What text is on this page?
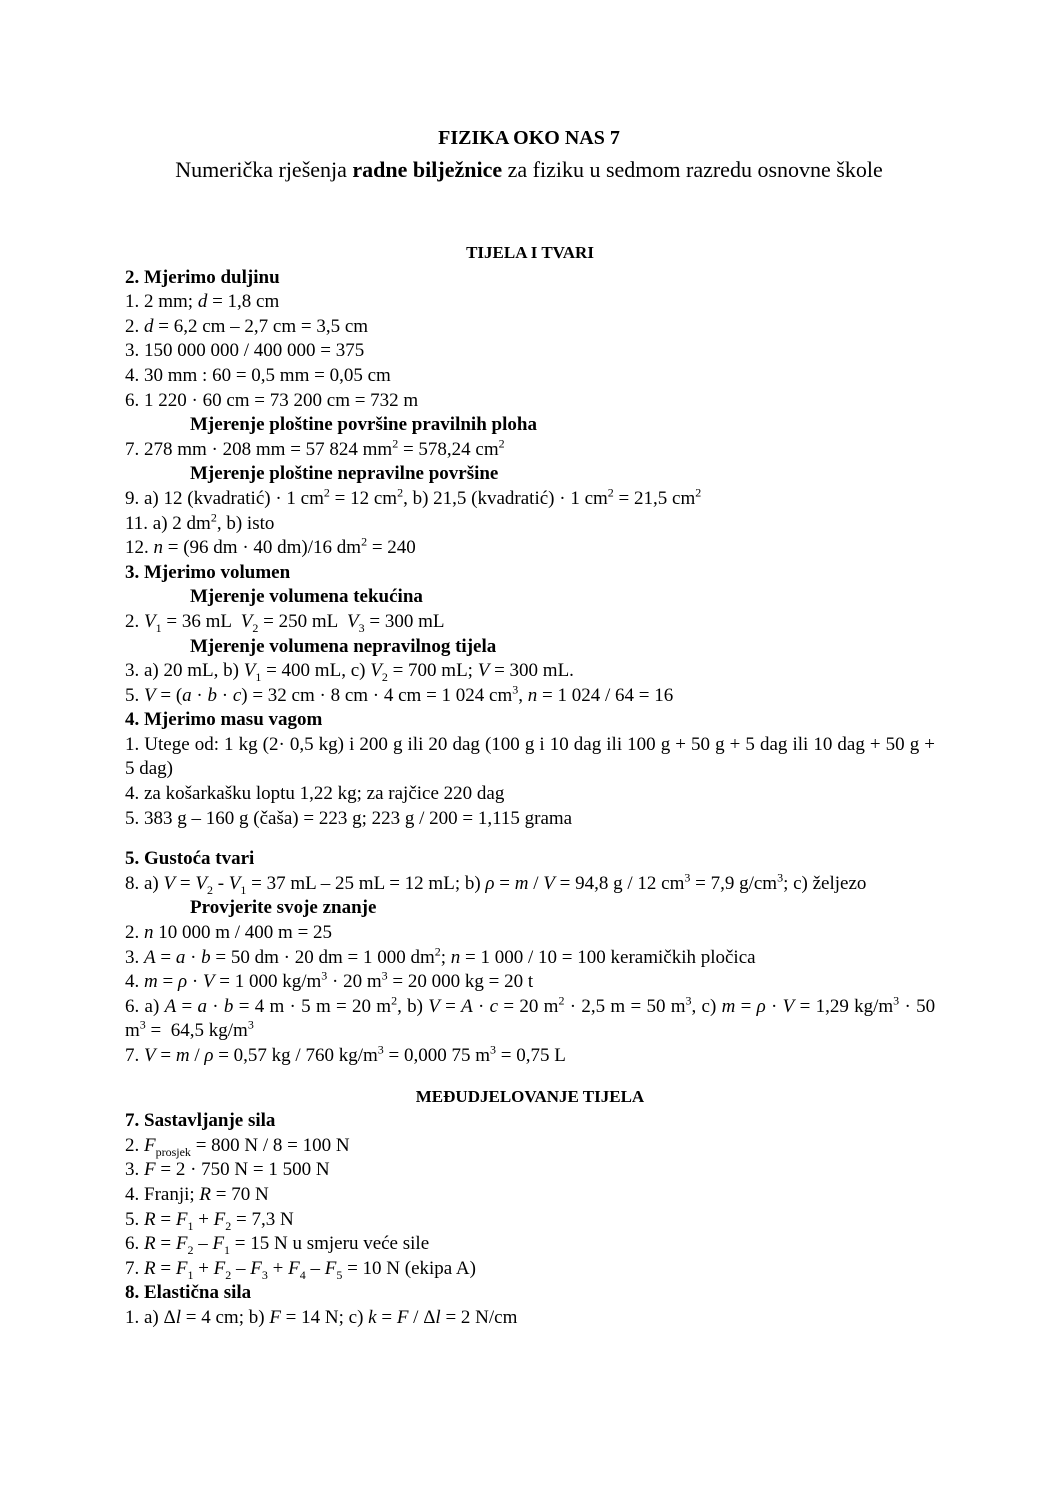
FIZIKA OKO NAS 7
Numerička rješenja radne bilježnice za fiziku u sedmom razredu osnovne škole
TIJELA I TVARI
2. Mjerimo duljinu
1. 2 mm; d = 1,8 cm
2. d = 6,2 cm – 2,7 cm = 3,5 cm
3. 150 000 000 / 400 000 = 375
4. 30 mm : 60 = 0,5 mm = 0,05 cm
6. 1 220 · 60 cm = 73 200 cm = 732 m
Mjerenje ploštine površine pravilnih ploha
7. 278 mm · 208 mm = 57 824 $mm^2 = 578,24$ $cm^2$
Mjerenje ploštine nepravilne površine
9. a) 12 (kvadratić) · 1 $cm^2 = 12$ $cm^2$, b) 21,5 (kvadratić) · 1 $cm^2 = 21,5$ $cm^2$
11. a) 2 $dm^2$, b) isto
12. n = (96 dm · 40 dm)/16 $dm^2 = 240$
3. Mjerimo volumen
Mjerenje volumena tekućina
2. $V_1 = 36$ mL  $V_2 = 250$ mL  $V_3 = 300$ mL
Mjerenje volumena nepravilnog tijela
3. a) 20 mL, b) $V_1 = 400$ mL, c) $V_2 = 700$ mL; V = 300 mL.
5. V = (a · b · c) = 32 cm · 8 cm · 4 cm = 1 024 $cm^3$, n = 1 024 / 64 = 16
4. Mjerimo masu vagom
1. Utege od: 1 kg (2· 0,5 kg) i 200 g ili 20 dag (100 g i 10 dag ili 100 g + 50 g + 5 dag ili 10 dag + 50 g + 5 dag)
4. za košarkašku loptu 1,22 kg; za rajčice 220 dag
5. 383 g – 160 g (čaša) = 223 g; 223 g / 200 = 1,115 grama
5. Gustoća tvari
8. a) $V = V_2 - V_1 = 37$ mL – 25 mL = 12 mL; b) ρ = m / V = 94,8 g / 12 $cm^3 = 7,9$ $g/cm^3$; c) željezo
Provjerite svoje znanje
2. n 10 000 m / 400 m = 25
3. A = a · b = 50 dm · 20 dm = 1 000 $dm^2$; n = 1 000 / 10 = 100 keramičkih pločica
4. m = ρ · V = 1 000 $kg/m^3 \cdot 20$ $m^3 = 20$ 000 kg = 20 t
6. a) A = a · b = 4 m · 5 m = 20 $m^2$, b) V = A · c = 20 $m^2 \cdot 2,5$ m = 50 $m^3$, c) m = ρ · V = 1,29 $kg/m^3 \cdot 50$ $m^3 = 64,5$ $kg/m^3$
7. V = m / ρ = 0,57 kg / 760 $kg/m^3 = 0,000$ 75 $m^3 = 0,75$ L
MEĐUDJELOVANJE TIJELA
7. Sastavljanje sila
2. $F_{prosjek} = 800$ N / 8 = 100 N
3. F = 2 · 750 N = 1 500 N
4. Franji; R = 70 N
5. $R = F_1 + F_2 = 7,3$ N
6. $R = F_2 - F_1 = 15$ N u smjeru veće sile
7. $R = F_1 + F_2 - F_3 + F_4 - F_5 = 10$ N (ekipa A)
8. Elastična sila
1. a) Δl = 4 cm; b) F = 14 N; c) k = F / Δl = 2 N/cm
